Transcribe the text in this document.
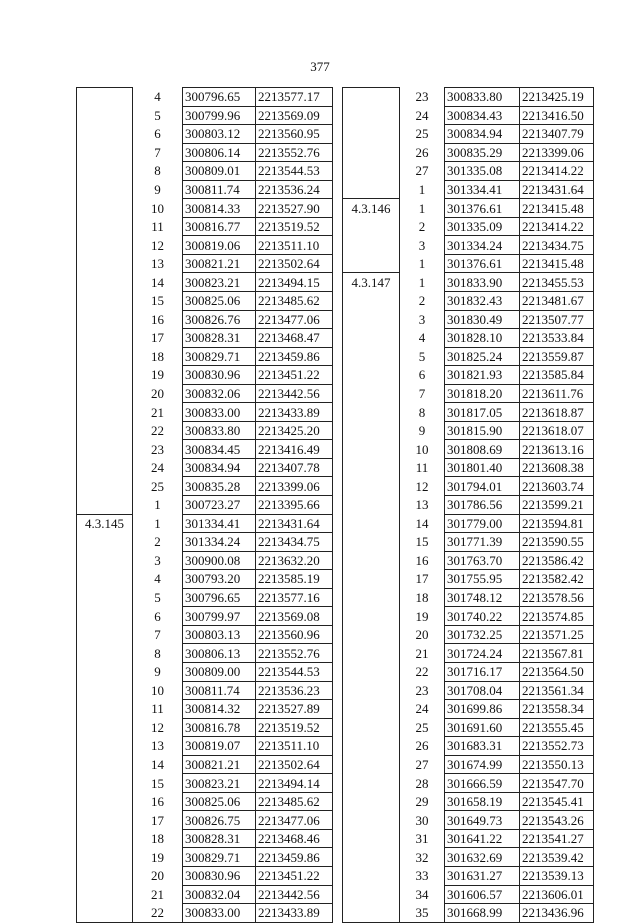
377
	4	300796.65	2213577.17
	5	300799.96	2213569.09
	6	300803.12	2213560.95
	7	300806.14	2213552.76
	8	300809.01	2213544.53
	9	300811.74	2213536.24
	10	300814.33	2213527.90
	11	300816.77	2213519.52
	12	300819.06	2213511.10
	13	300821.21	2213502.64
	14	300823.21	2213494.15
	15	300825.06	2213485.62
	16	300826.76	2213477.06
	17	300828.31	2213468.47
	18	300829.71	2213459.86
	19	300830.96	2213451.22
	20	300832.06	2213442.56
	21	300833.00	2213433.89
	22	300833.80	2213425.20
	23	300834.45	2213416.49
	24	300834.94	2213407.78
	25	300835.28	2213399.06
	1	300723.27	2213395.66
4.3.145	1	301334.41	2213431.64
	2	301334.24	2213434.75
	3	300900.08	2213632.20
	4	300793.20	2213585.19
	5	300796.65	2213577.16
	6	300799.97	2213569.08
	7	300803.13	2213560.96
	8	300806.13	2213552.76
	9	300809.00	2213544.53
	10	300811.74	2213536.23
	11	300814.32	2213527.89
	12	300816.78	2213519.52
	13	300819.07	2213511.10
	14	300821.21	2213502.64
	15	300823.21	2213494.14
	16	300825.06	2213485.62
	17	300826.75	2213477.06
	18	300828.31	2213468.46
	19	300829.71	2213459.86
	20	300830.96	2213451.22
	21	300832.04	2213442.56
	22	300833.00	2213433.89
	23	300833.80	2213425.19
	24	300834.43	2213416.50
	25	300834.94	2213407.79
	26	300835.29	2213399.06
	27	301335.08	2213414.22
	1	301334.41	2213431.64
4.3.146	1	301376.61	2213415.48
	2	301335.09	2213414.22
	3	301334.24	2213434.75
	1	301376.61	2213415.48
4.3.147	1	301833.90	2213455.53
	2	301832.43	2213481.67
	3	301830.49	2213507.77
	4	301828.10	2213533.84
	5	301825.24	2213559.87
	6	301821.93	2213585.84
	7	301818.20	2213611.76
	8	301817.05	2213618.87
	9	301815.90	2213618.07
	10	301808.69	2213613.16
	11	301801.40	2213608.38
	12	301794.01	2213603.74
	13	301786.56	2213599.21
	14	301779.00	2213594.81
	15	301771.39	2213590.55
	16	301763.70	2213586.42
	17	301755.95	2213582.42
	18	301748.12	2213578.56
	19	301740.22	2213574.85
	20	301732.25	2213571.25
	21	301724.24	2213567.81
	22	301716.17	2213564.50
	23	301708.04	2213561.34
	24	301699.86	2213558.34
	25	301691.60	2213555.45
	26	301683.31	2213552.73
	27	301674.99	2213550.13
	28	301666.59	2213547.70
	29	301658.19	2213545.41
	30	301649.73	2213543.26
	31	301641.22	2213541.27
	32	301632.69	2213539.42
	33	301631.27	2213539.13
	34	301606.57	2213606.01
	35	301668.99	2213436.96
